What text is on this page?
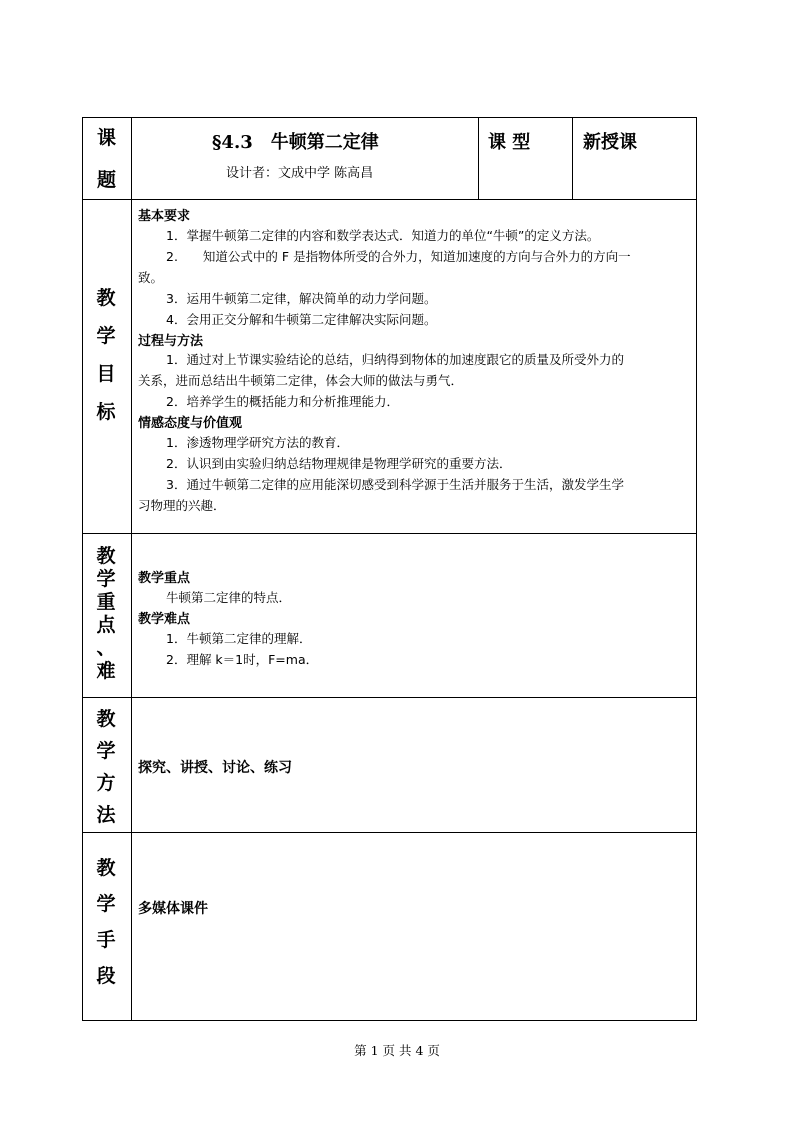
课
题
§4.3　牛顿第二定律
设计者：文成中学 陈高昌
课 型	新授课
教
学
目
标
基本要求
1．掌握牛顿第二定律的内容和数学表达式．知道力的单位“牛顿”的定义方法。
2.　　知道公式中的 F 是指物体所受的合外力，知道加速度的方向与合外力的方向一
致。
3．运用牛顿第二定律，解决简单的动力学问题。
4．会用正交分解和牛顿第二定律解决实际问题。
过程与方法
1．通过对上节课实验结论的总结，归纳得到物体的加速度跟它的质量及所受外力的
关系，进而总结出牛顿第二定律，体会大师的做法与勇气．
2．培养学生的概括能力和分析推理能力．
情感态度与价值观
1．渗透物理学研究方法的教育．
2．认识到由实验归纳总结物理规律是物理学研究的重要方法．
3．通过牛顿第二定律的应用能深切感受到科学源于生活并服务于生活，激发学生学
习物理的兴趣．
教
学
重
点
、
难
教学重点
牛顿第二定律的特点．
教学难点
1．牛顿第二定律的理解．
2．理解 k＝1时，F=ma．
教
学
方
法
探究、讲授、讨论、练习
教
学
手
段
多媒体课件
第 1 页 共 4 页
